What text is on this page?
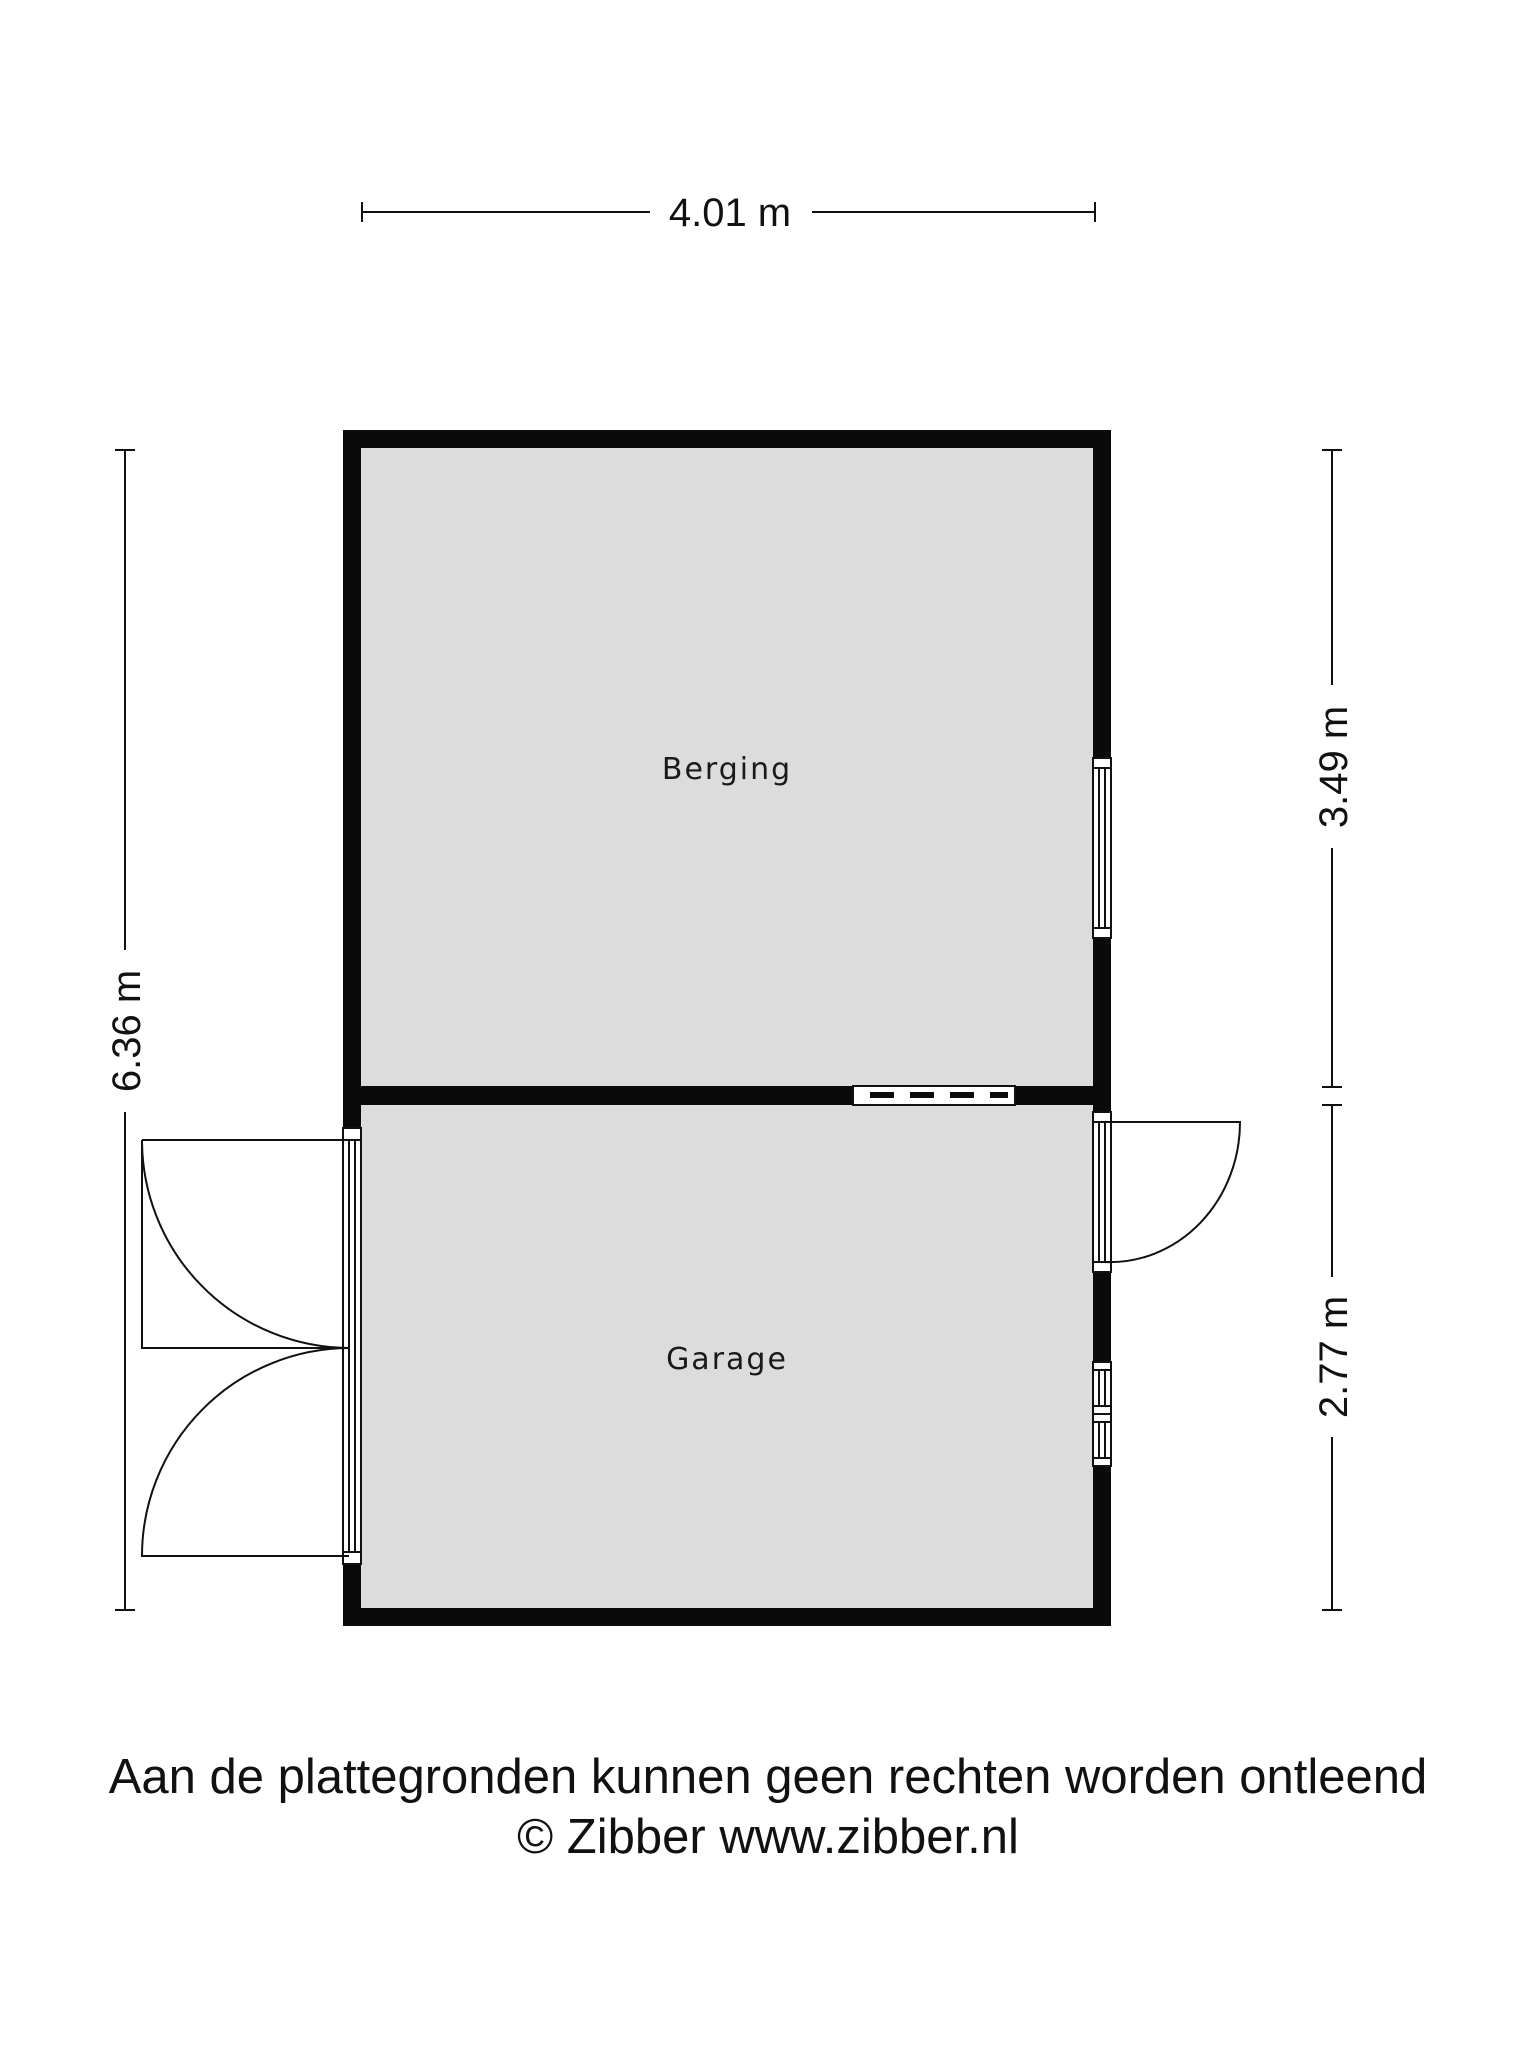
4.01 m
6.36 m
3.49 m
2.77 m
Berging
Garage
Aan de plattegronden kunnen geen rechten worden ontleend
© Zibber www.zibber.nl
